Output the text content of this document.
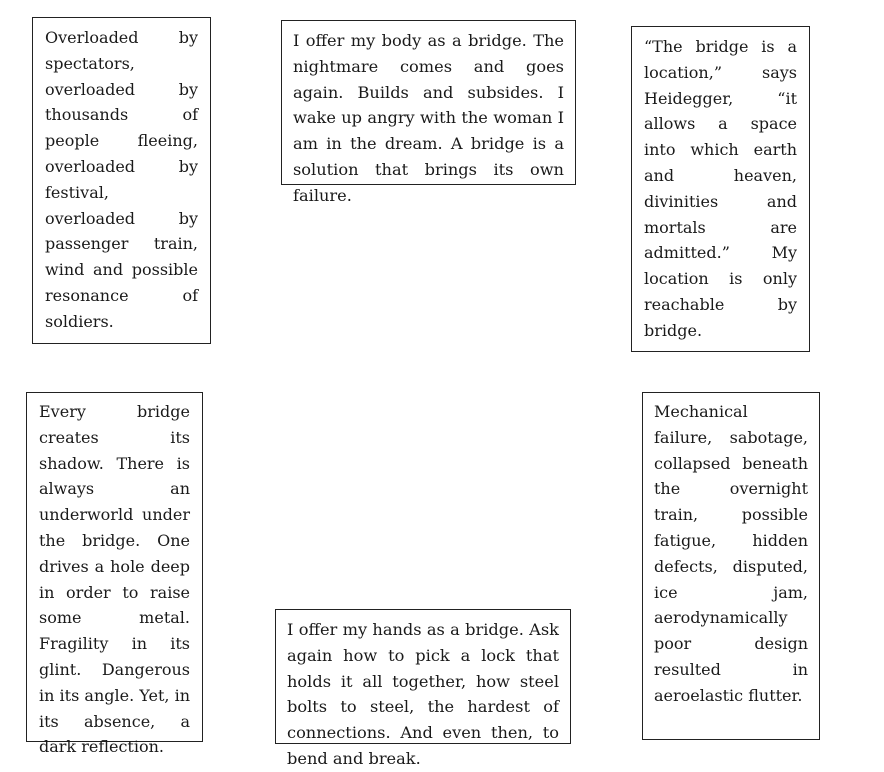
Overloaded by spectators, overloaded by thousands of people fleeing, overloaded by festival, overloaded by passenger train, wind and possible resonance of soldiers.

I offer my body as a bridge. The nightmare comes and goes again. Builds and subsides. I wake up angry with the woman I am in the dream. A bridge is a solution that brings its own failure.

“The bridge is a location,” says Heidegger, “it allows a space into which earth and heaven, divinities and mortals are admitted.” My location is only reachable by bridge.

Every bridge creates its shadow. There is always an underworld under the bridge. One drives a hole deep in order to raise some metal. Fragility in its glint. Dangerous in its angle. Yet, in its absence, a dark reflection.

I offer my hands as a bridge. Ask again how to pick a lock that holds it all together, how steel bolts to steel, the hardest of connections. And even then, to bend and break.

Mechanical failure, sabotage, collapsed beneath the overnight train, possible fatigue, hidden defects, disputed, ice jam, aerodynamically poor design resulted in aeroelastic flutter.
